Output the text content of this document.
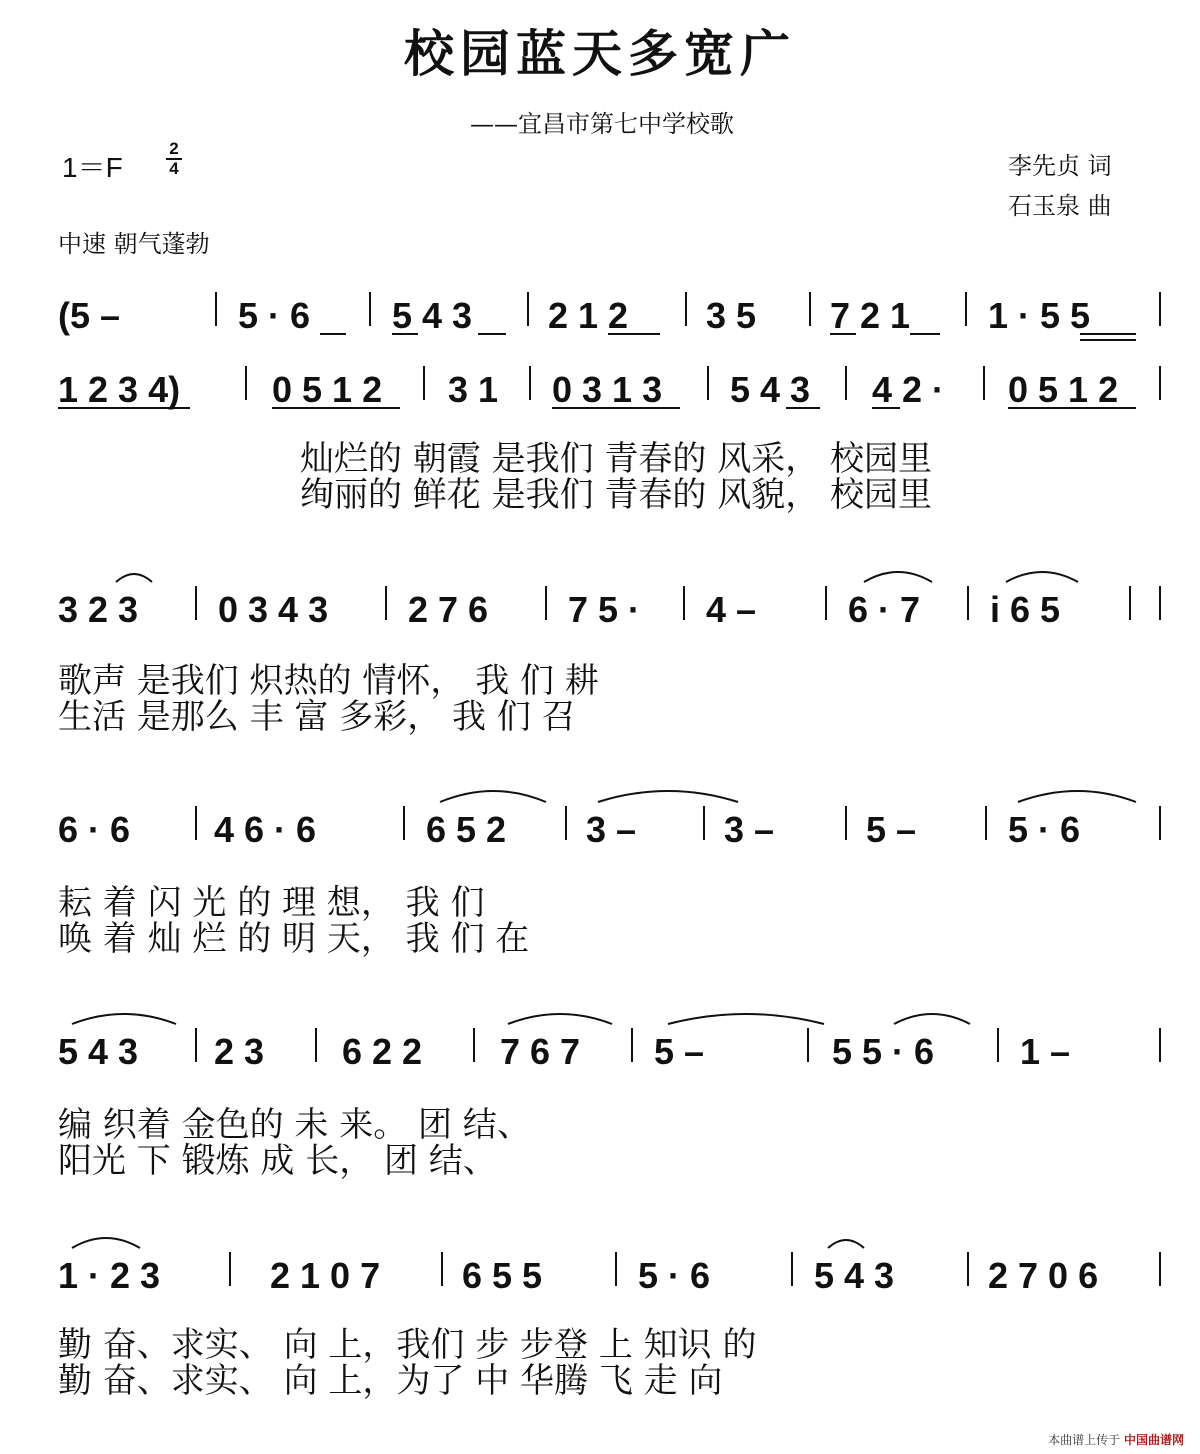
校园蓝天多宽广
——宜昌市第七中学校歌
1＝F
2
4
中速 朝气蓬勃
李先贞 词
石玉泉 曲
(5 –	5 · 6 5 4 3 2 1 2 3 5 7 2 1 1 · 5 5
1 2 3 4)	0 5 1 2 3 1 0 3 1 3 5 4 3 4 2 · 0 5 1 2
灿烂的 朝霞 是我们 青春的 风采， 校园里
绚丽的 鲜花 是我们 青春的 风貌， 校园里
3 2 3 0 3 4 3 2 7 6 7 5 · 4 –	6 · 7 i 6 5
歌声 是我们 炽热的 情怀， 我 们 耕
生活 是那么 丰 富 多彩， 我 们 召
6 · 6 4 6 · 6	6 5 2 3 – 3 –	5 –	5 · 6
耘 着 闪 光 的 理 想， 我 们
唤 着 灿 烂 的 明 天， 我 们 在
5 4 3 2 3 6 2 2 7 6 7 5 –	5 5 · 6 1 –
编 织着 金色的 未 来。 团 结、
阳光 下 锻炼 成 长， 团 结、
1 · 2 3	2 1 0 7 6 5 5	5 · 6	5 4 3	2 7 0 6
勤 奋、求实、 向 上，我们 步 步登 上 知识 的
勤 奋、求实、 向 上，为了 中 华腾 飞 走 向
本曲谱上传于 中国曲谱网
